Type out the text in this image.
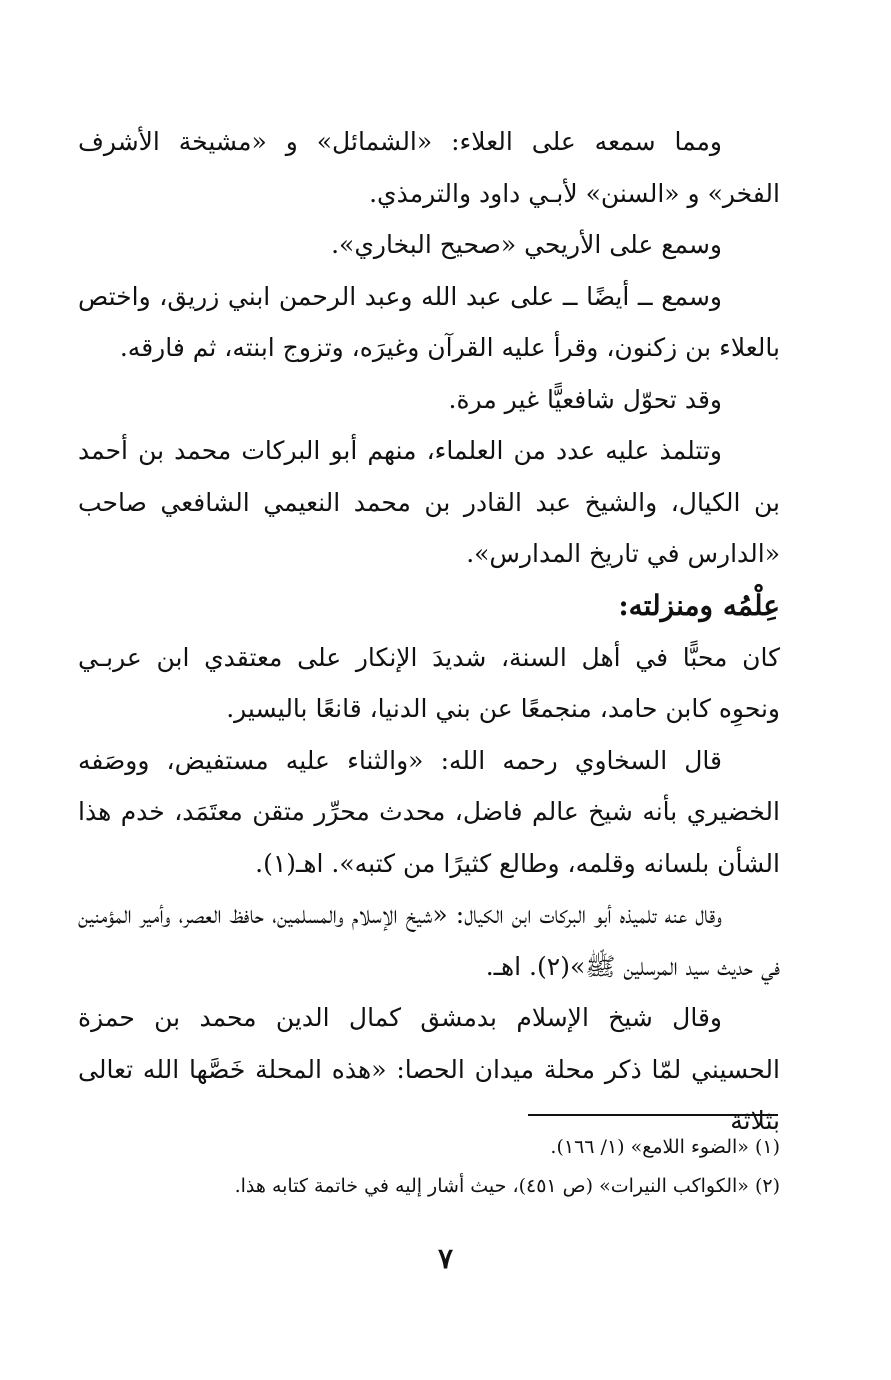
ومما سمعه على العلاء: «الشمائل» و «مشيخة الأشرف الفخر» و «السنن» لأبـي داود والترمذي.

وسمع على الأريحي «صحيح البخاري».

وسمع ــ أيضًا ــ على عبد الله وعبد الرحمن ابني زريق، واختص بالعلاء بن زكنون، وقرأ عليه القرآن وغيرَه، وتزوج ابنته، ثم فارقه.

وقد تحوّل شافعيًّا غير مرة.

وتتلمذ عليه عدد من العلماء، منهم أبو البركات محمد بن أحمد بن الكيال، والشيخ عبد القادر بن محمد النعيمي الشافعي صاحب «الدارس في تاريخ المدارس».

عِلْمُه ومنزلته:

كان محبًّا في أهل السنة، شديدَ الإنكار على معتقدي ابن عربـي ونحوِه كابن حامد، منجمعًا عن بني الدنيا، قانعًا باليسير.

قال السخاوي رحمه الله: «والثناء عليه مستفيض، ووصَفه الخضيري بأنه شيخ عالم فاضل، محدث محرِّر متقن معتَمَد، خدم هذا الشأن بلسانه وقلمه، وطالع كثيرًا من كتبه». اهـ(١).

وقال عنه تلميذه أبو البركات ابن الكيال: «شيخ الإسلام والمسلمين، حافظ العصر، وأمير المؤمنين في حديث سيد المرسلين ﷺ»(٢). اهـ.

وقال شيخ الإسلام بدمشق كمال الدين محمد بن حمزة الحسيني لمّا ذكر محلة ميدان الحصا: «هذه المحلة خَصَّها الله تعالى بثلاثة

(١) «الضوء اللامع» (١/ ١٦٦).

(٢) «الكواكب النيرات» (ص ٤٥١)، حيث أشار إليه في خاتمة كتابه هذا.

٧
